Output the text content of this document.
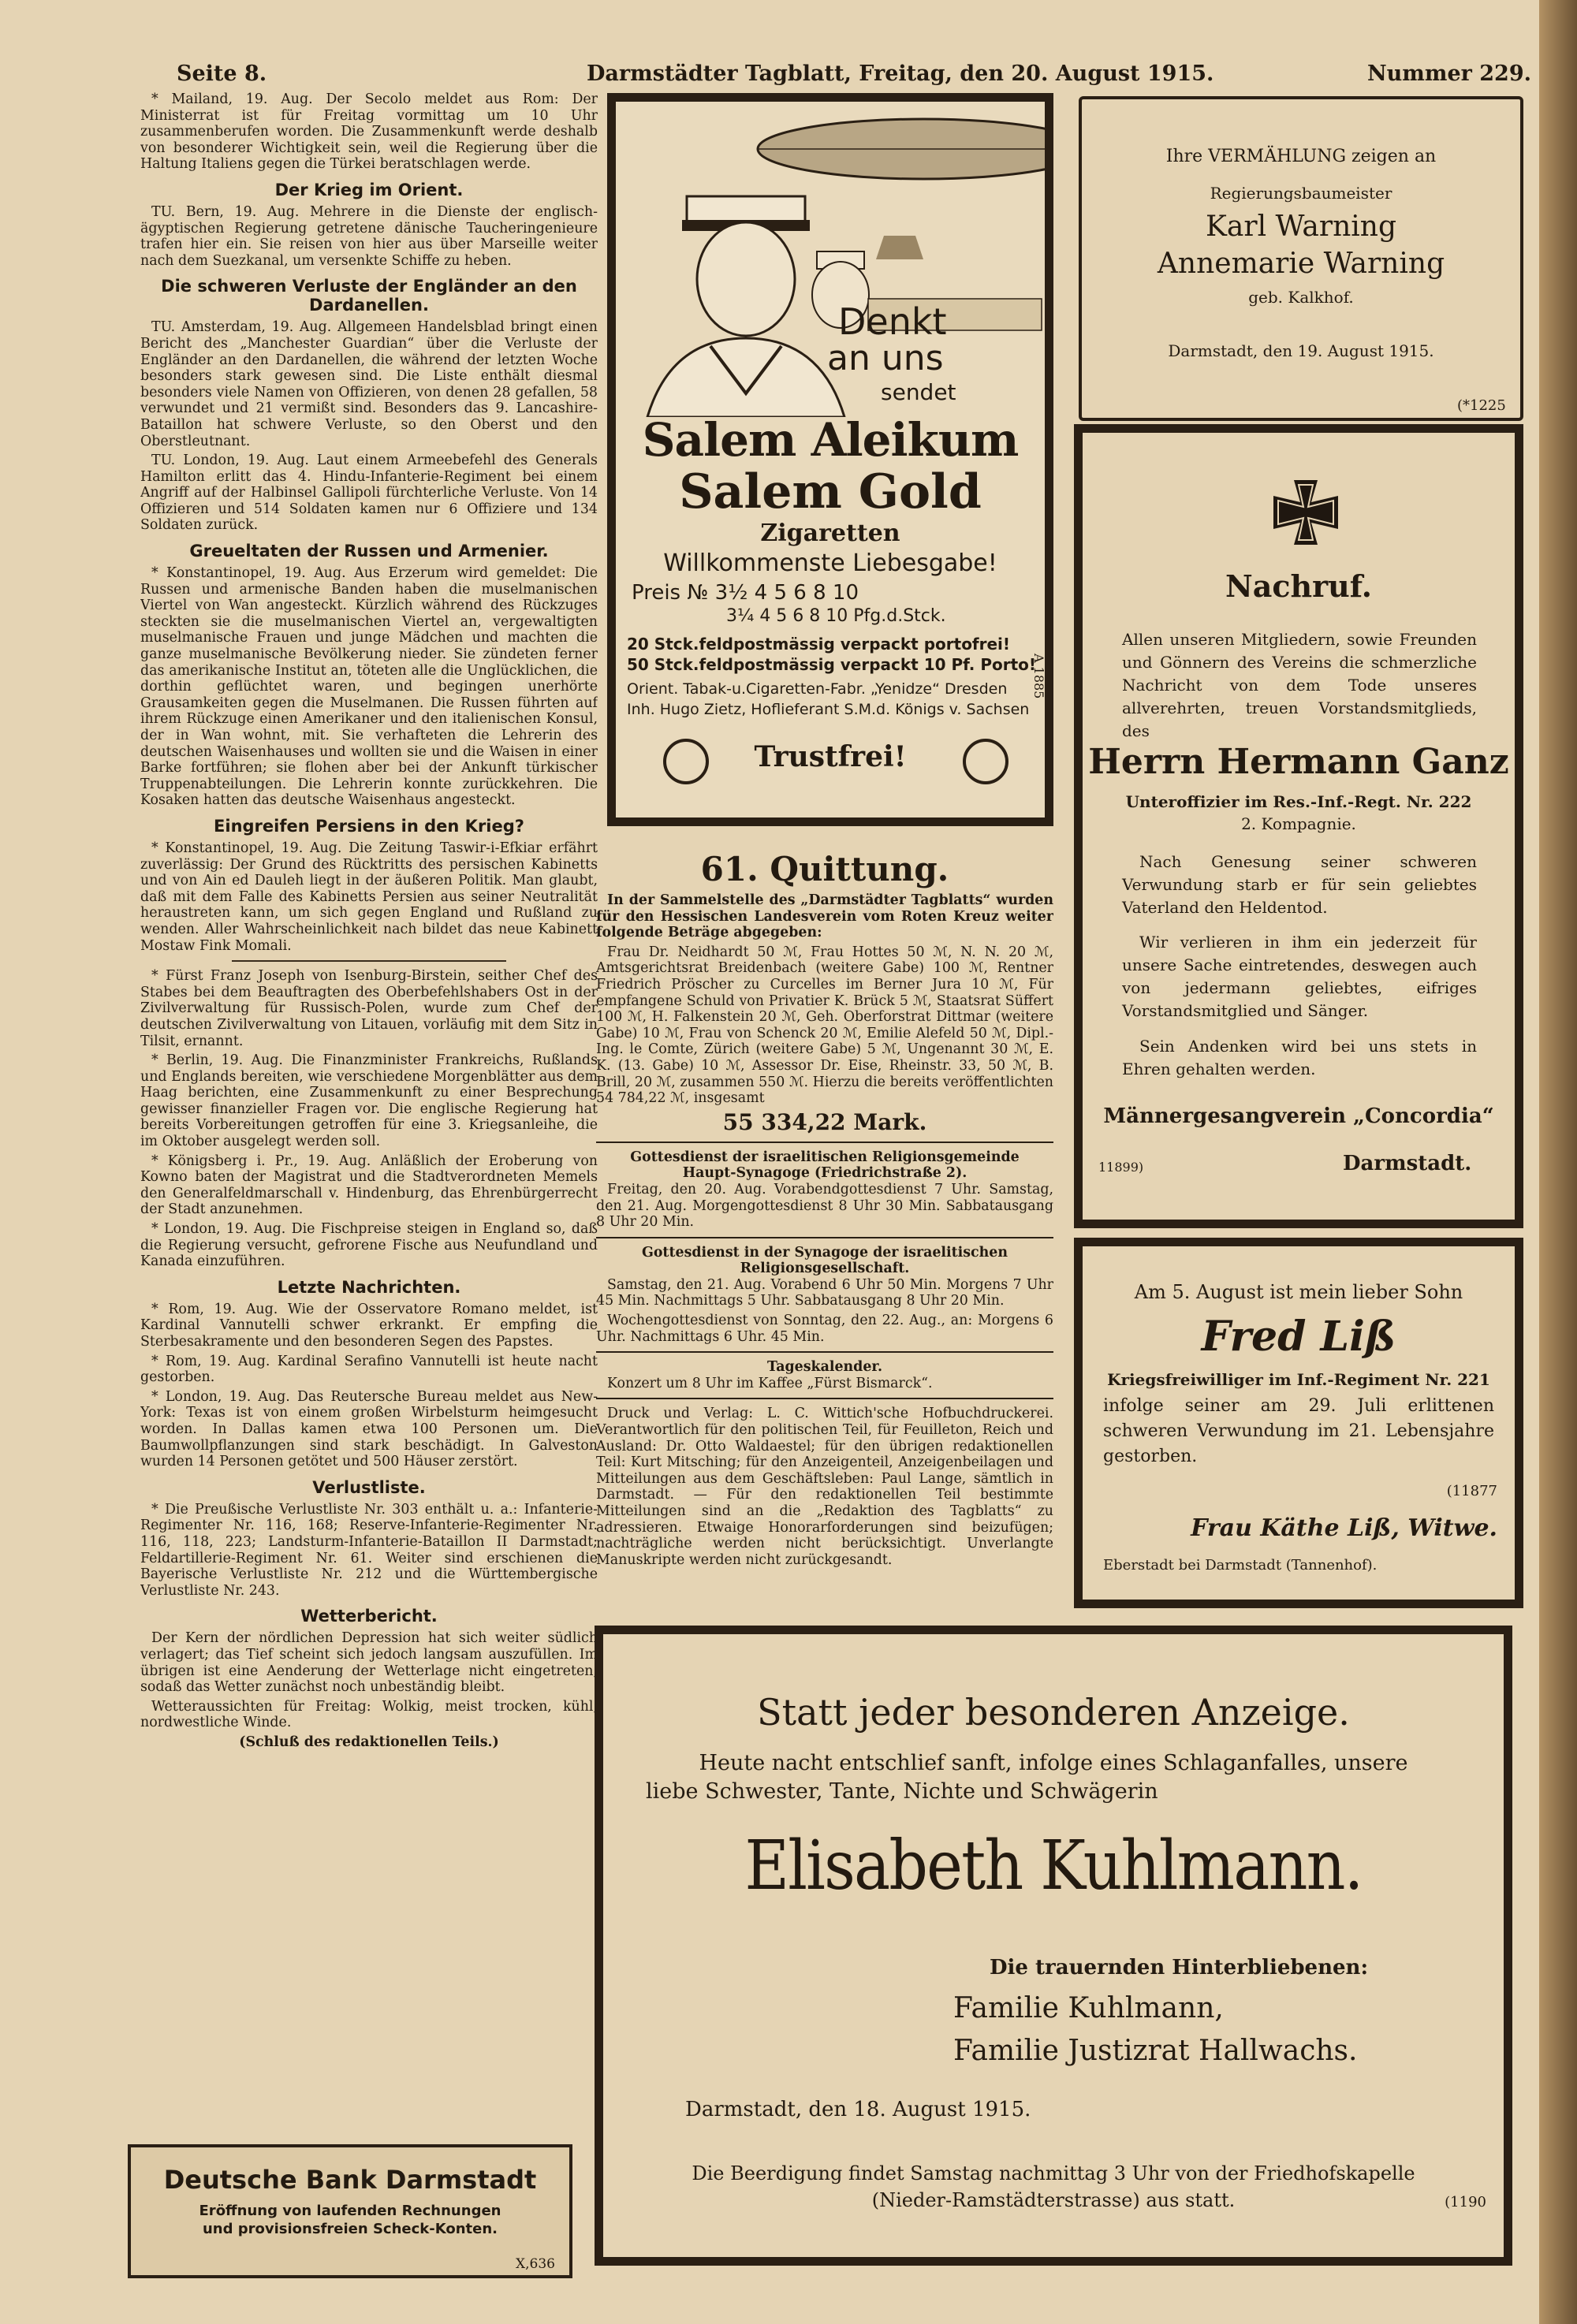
Seite 8.	Darmstädter Tagblatt, Freitag, den 20. August 1915.	Nummer 229.

* Mailand, 19. Aug. Der Secolo meldet aus Rom: Der Ministerrat ist für Freitag vormittag um 10 Uhr zusammenberufen worden. Die Zusammenkunft werde deshalb von besonderer Wichtigkeit sein, weil die Regierung über die Haltung Italiens gegen die Türkei beratschlagen werde.

Der Krieg im Orient.

TU. Bern, 19. Aug. Mehrere in die Dienste der englisch-ägyptischen Regierung getretene dänische Taucheringenieure trafen hier ein. Sie reisen von hier aus über Marseille weiter nach dem Suezkanal, um versenkte Schiffe zu heben.

Die schweren Verluste der Engländer an den Dardanellen.

TU. Amsterdam, 19. Aug. Allgemeen Handelsblad bringt einen Bericht des „Manchester Guardian“ über die Verluste der Engländer an den Dardanellen, die während der letzten Woche besonders stark gewesen sind. Die Liste enthält diesmal besonders viele Namen von Offizieren, von denen 28 gefallen, 58 verwundet und 21 vermißt sind. Besonders das 9. Lancashire-Bataillon hat schwere Verluste, so den Oberst und den Oberstleutnant.

TU. London, 19. Aug. Laut einem Armeebefehl des Generals Hamilton erlitt das 4. Hindu-Infanterie-Regiment bei einem Angriff auf der Halbinsel Gallipoli fürchterliche Verluste. Von 14 Offizieren und 514 Soldaten kamen nur 6 Offiziere und 134 Soldaten zurück.

Greueltaten der Russen und Armenier.

* Konstantinopel, 19. Aug. Aus Erzerum wird gemeldet: Die Russen und armenische Banden haben die muselmanischen Viertel von Wan angesteckt. Kürzlich während des Rückzuges steckten sie die muselmanischen Viertel an, vergewaltigten muselmanische Frauen und junge Mädchen und machten die ganze muselmanische Bevölkerung nieder. Sie zündeten ferner das amerikanische Institut an, töteten alle die Unglücklichen, die dorthin geflüchtet waren, und begingen unerhörte Grausamkeiten gegen die Muselmanen. Die Russen führten auf ihrem Rückzuge einen Amerikaner und den italienischen Konsul, der in Wan wohnt, mit. Sie verhafteten die Lehrerin des deutschen Waisenhauses und wollten sie und die Waisen in einer Barke fortführen; sie flohen aber bei der Ankunft türkischer Truppenabteilungen. Die Lehrerin konnte zurückkehren. Die Kosaken hatten das deutsche Waisenhaus angesteckt.

Eingreifen Persiens in den Krieg?

* Konstantinopel, 19. Aug. Die Zeitung Taswir-i-Efkiar erfährt zuverlässig: Der Grund des Rücktritts des persischen Kabinetts und von Ain ed Dauleh liegt in der äußeren Politik. Man glaubt, daß mit dem Falle des Kabinetts Persien aus seiner Neutralität heraustreten kann, um sich gegen England und Rußland zu wenden. Aller Wahrscheinlichkeit nach bildet das neue Kabinett Mostaw Fink Momali.

* Fürst Franz Joseph von Isenburg-Birstein, seither Chef des Stabes bei dem Beauftragten des Oberbefehlshabers Ost in der Zivilverwaltung für Russisch-Polen, wurde zum Chef der deutschen Zivilverwaltung von Litauen, vorläufig mit dem Sitz in Tilsit, ernannt.

* Berlin, 19. Aug. Die Finanzminister Frankreichs, Rußlands und Englands bereiten, wie verschiedene Morgenblätter aus dem Haag berichten, eine Zusammenkunft zu einer Besprechung gewisser finanzieller Fragen vor. Die englische Regierung hat bereits Vorbereitungen getroffen für eine 3. Kriegsanleihe, die im Oktober ausgelegt werden soll.

* Königsberg i. Pr., 19. Aug. Anläßlich der Eroberung von Kowno baten der Magistrat und die Stadtverordneten Memels den Generalfeldmarschall v. Hindenburg, das Ehrenbürgerrecht der Stadt anzunehmen.

* London, 19. Aug. Die Fischpreise steigen in England so, daß die Regierung versucht, gefrorene Fische aus Neufundland und Kanada einzuführen.

Letzte Nachrichten.

* Rom, 19. Aug. Wie der Osservatore Romano meldet, ist Kardinal Vannutelli schwer erkrankt. Er empfing die Sterbesakramente und den besonderen Segen des Papstes.

* Rom, 19. Aug. Kardinal Serafino Vannutelli ist heute nacht gestorben.

* London, 19. Aug. Das Reutersche Bureau meldet aus New-York: Texas ist von einem großen Wirbelsturm heimgesucht worden. In Dallas kamen etwa 100 Personen um. Die Baumwollpflanzungen sind stark beschädigt. In Galveston wurden 14 Personen getötet und 500 Häuser zerstört.

Verlustliste.

* Die Preußische Verlustliste Nr. 303 enthält u. a.: Infanterie-Regimenter Nr. 116, 168; Reserve-Infanterie-Regimenter Nr. 116, 118, 223; Landsturm-Infanterie-Bataillon II Darmstadt; Feldartillerie-Regiment Nr. 61. Weiter sind erschienen die Bayerische Verlustliste Nr. 212 und die Württembergische Verlustliste Nr. 243.

Wetterbericht.

Der Kern der nördlichen Depression hat sich weiter südlich verlagert; das Tief scheint sich jedoch langsam auszufüllen. Im übrigen ist eine Aenderung der Wetterlage nicht eingetreten, sodaß das Wetter zunächst noch unbeständig bleibt.

Wetteraussichten für Freitag: Wolkig, meist trocken, kühl, nordwestliche Winde.

(Schluß des redaktionellen Teils.)

Deutsche Bank Darmstadt
Eröffnung von laufenden Rechnungen
und provisionsfreien Scheck-Konten.
X,636
Denkt
an uns
sendet
Salem Aleikum
Salem Gold
Zigaretten
Willkommenste Liebesgabe!
Preis № 3½ 4 5 6 8 10
3¼ 4 5 6 8 10 Pfg.d.Stck.
20 Stck.feldpostmässig verpackt portofrei!
50 Stck.feldpostmässig verpackt 10 Pf. Porto!
Orient. Tabak-u.Cigaretten-Fabr. „Yenidze“ Dresden
Inh. Hugo Zietz, Hoflieferant S.M.d. Königs v. Sachsen
Trustfrei!
A 1885
61. Quittung.

In der Sammelstelle des „Darmstädter Tagblatts“ wurden für den Hessischen Landesverein vom Roten Kreuz weiter folgende Beträge abgegeben:

Frau Dr. Neidhardt 50 ℳ, Frau Hottes 50 ℳ, N. N. 20 ℳ, Amtsgerichtsrat Breidenbach (weitere Gabe) 100 ℳ, Rentner Friedrich Pröscher zu Curcelles im Berner Jura 10 ℳ, Für empfangene Schuld von Privatier K. Brück 5 ℳ, Staatsrat Süffert 100 ℳ, H. Falkenstein 20 ℳ, Geh. Oberforstrat Dittmar (weitere Gabe) 10 ℳ, Frau von Schenck 20 ℳ, Emilie Alefeld 50 ℳ, Dipl.-Ing. le Comte, Zürich (weitere Gabe) 5 ℳ, Ungenannt 30 ℳ, E. K. (13. Gabe) 10 ℳ, Assessor Dr. Eise, Rheinstr. 33, 50 ℳ, B. Brill, 20 ℳ, zusammen 550 ℳ. Hierzu die bereits veröffentlichten 54 784,22 ℳ, insgesamt

55 334,22 Mark.
Gottesdienst der israelitischen Religionsgemeinde
Haupt-Synagoge (Friedrichstraße 2).

Freitag, den 20. Aug. Vorabendgottesdienst 7 Uhr. Samstag, den 21. Aug. Morgengottesdienst 8 Uhr 30 Min. Sabbatausgang 8 Uhr 20 Min.

Gottesdienst in der Synagoge der israelitischen Religionsgesellschaft.

Samstag, den 21. Aug. Vorabend 6 Uhr 50 Min. Morgens 7 Uhr 45 Min. Nachmittags 5 Uhr. Sabbatausgang 8 Uhr 20 Min.

Wochengottesdienst von Sonntag, den 22. Aug., an: Morgens 6 Uhr. Nachmittags 6 Uhr. 45 Min.

Tageskalender.

Konzert um 8 Uhr im Kaffee „Fürst Bismarck“.

Druck und Verlag: L. C. Wittich'sche Hofbuchdruckerei. Verantwortlich für den politischen Teil, für Feuilleton, Reich und Ausland: Dr. Otto Waldaestel; für den übrigen redaktionellen Teil: Kurt Mitsching; für den Anzeigenteil, Anzeigenbeilagen und Mitteilungen aus dem Geschäftsleben: Paul Lange, sämtlich in Darmstadt. — Für den redaktionellen Teil bestimmte Mitteilungen sind an die „Redaktion des Tagblatts“ zu adressieren. Etwaige Honorarforderungen sind beizufügen; nachträgliche werden nicht berücksichtigt. Unverlangte Manuskripte werden nicht zurückgesandt.

Ihre VERMÄHLUNG zeigen an
Regierungsbaumeister
Karl Warning
Annemarie Warning
geb. Kalkhof.
Darmstadt, den 19. August 1915.
(*1225
Nachruf.
Allen unseren Mitgliedern, sowie Freunden und Gönnern des Vereins die schmerzliche Nachricht von dem Tode unseres allverehrten, treuen Vorstandsmitglieds, des
Herrn Hermann Ganz
Unteroffizier im Res.-Inf.-Regt. Nr. 222
2. Kompagnie.
Nach Genesung seiner schweren Verwundung starb er für sein geliebtes Vaterland den Heldentod.
Wir verlieren in ihm ein jederzeit für unsere Sache eintretendes, deswegen auch von jedermann geliebtes, eifriges Vorstandsmitglied und Sänger.
Sein Andenken wird bei uns stets in Ehren gehalten werden.
Männergesangverein „Concordia“
11899)	Darmstadt.
Am 5. August ist mein lieber Sohn
Fred Liß
Kriegsfreiwilliger im Inf.-Regiment Nr. 221
infolge seiner am 29. Juli erlittenen schweren Verwundung im 21. Lebensjahre gestorben.
(11877
Frau Käthe Liß, Witwe.
Eberstadt bei Darmstadt (Tannenhof).
Statt jeder besonderen Anzeige.
Heute nacht entschlief sanft, infolge eines Schlaganfalles, unsere
liebe Schwester, Tante, Nichte und Schwägerin
Elisabeth Kuhlmann.
Die trauernden Hinterbliebenen:
Familie Kuhlmann,
Familie Justizrat Hallwachs.
Darmstadt, den 18. August 1915.
Die Beerdigung findet Samstag nachmittag 3 Uhr von der Friedhofskapelle
(Nieder-Ramstädterstrasse) aus statt.	(1190
